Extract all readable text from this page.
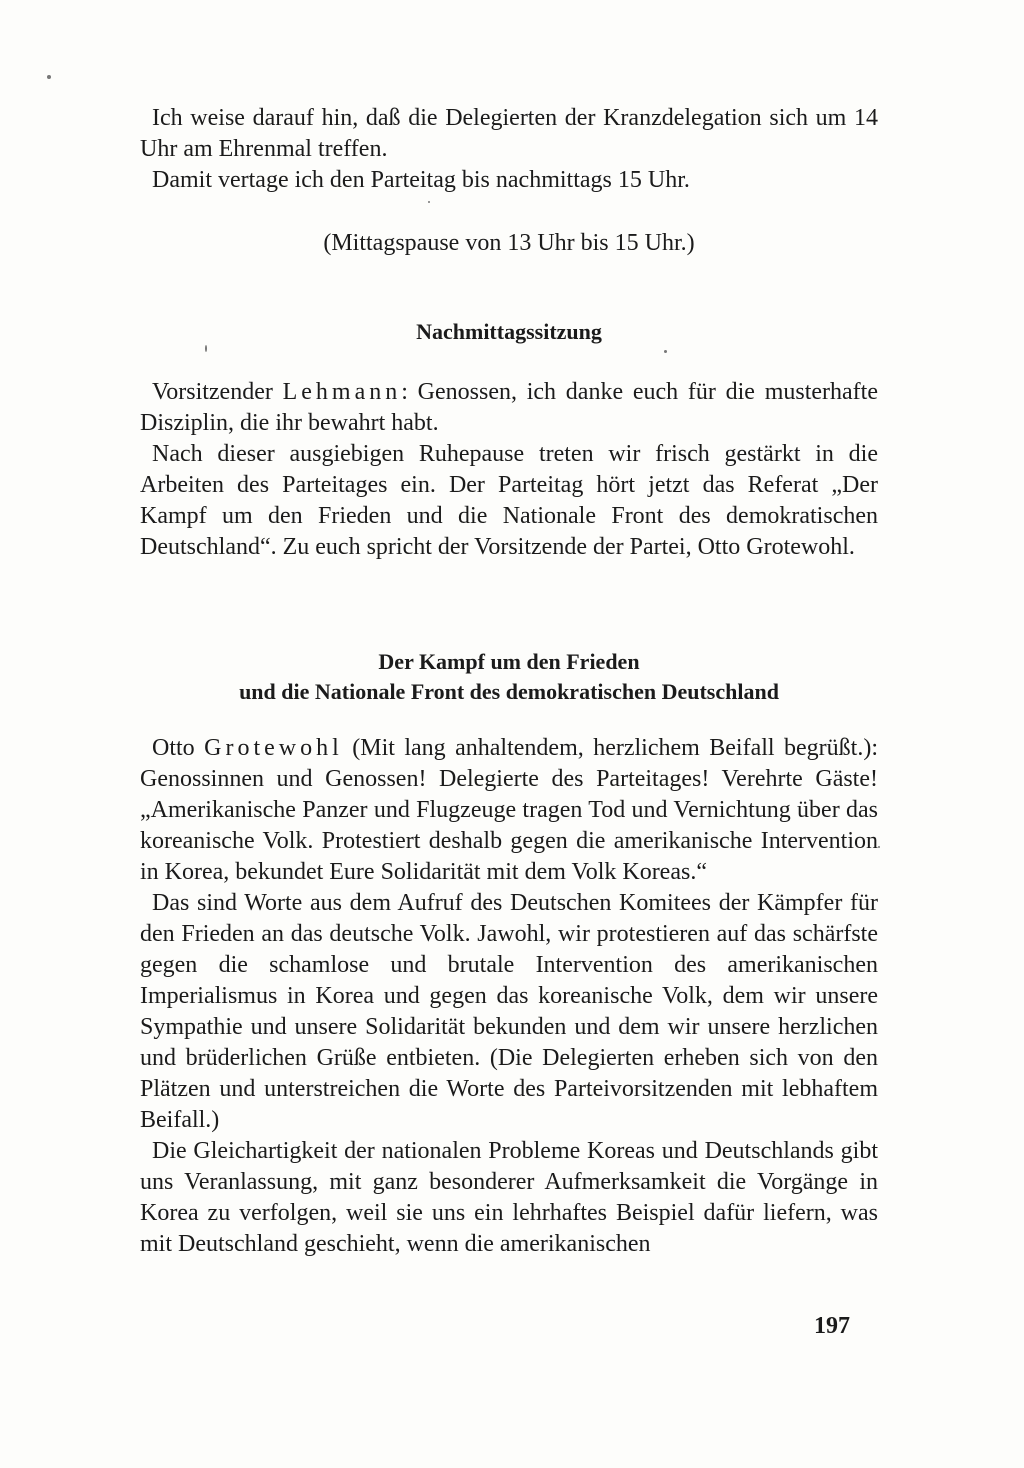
Ich weise darauf hin, daß die Delegierten der Kranzdelegation sich um 14 Uhr am Ehrenmal treffen.

Damit vertage ich den Parteitag bis nachmittags 15 Uhr.

(Mittagspause von 13 Uhr bis 15 Uhr.)
Nachmittagssitzung

Vorsitzender Lehmann: Genossen, ich danke euch für die musterhafte Disziplin, die ihr bewahrt habt.

Nach dieser ausgiebigen Ruhepause treten wir frisch gestärkt in die Arbeiten des Parteitages ein. Der Parteitag hört jetzt das Referat „Der Kampf um den Frieden und die Nationale Front des demokratischen Deutschland“. Zu euch spricht der Vorsitzende der Partei, Otto Grotewohl.

Der Kampf um den Frieden
und die Nationale Front des demokratischen Deutschland

Otto Grotewohl (Mit lang anhaltendem, herzlichem Beifall begrüßt.): Genossinnen und Genossen! Delegierte des Parteitages! Verehrte Gäste! „Amerikanische Panzer und Flugzeuge tragen Tod und Vernichtung über das koreanische Volk. Protestiert deshalb gegen die amerikanische Intervention in Korea, bekundet Eure Solidarität mit dem Volk Koreas.“

Das sind Worte aus dem Aufruf des Deutschen Komitees der Kämpfer für den Frieden an das deutsche Volk. Jawohl, wir protestieren auf das schärfste gegen die schamlose und brutale Intervention des amerikanischen Imperialismus in Korea und gegen das koreanische Volk, dem wir unsere Sympathie und unsere Solidarität bekunden und dem wir unsere herzlichen und brüderlichen Grüße entbieten. (Die Delegierten erheben sich von den Plätzen und unterstreichen die Worte des Parteivorsitzenden mit lebhaftem Beifall.)

Die Gleichartigkeit der nationalen Probleme Koreas und Deutschlands gibt uns Veranlassung, mit ganz besonderer Aufmerksamkeit die Vorgänge in Korea zu verfolgen, weil sie uns ein lehrhaftes Beispiel dafür liefern, was mit Deutschland geschieht, wenn die amerikanischen

197
